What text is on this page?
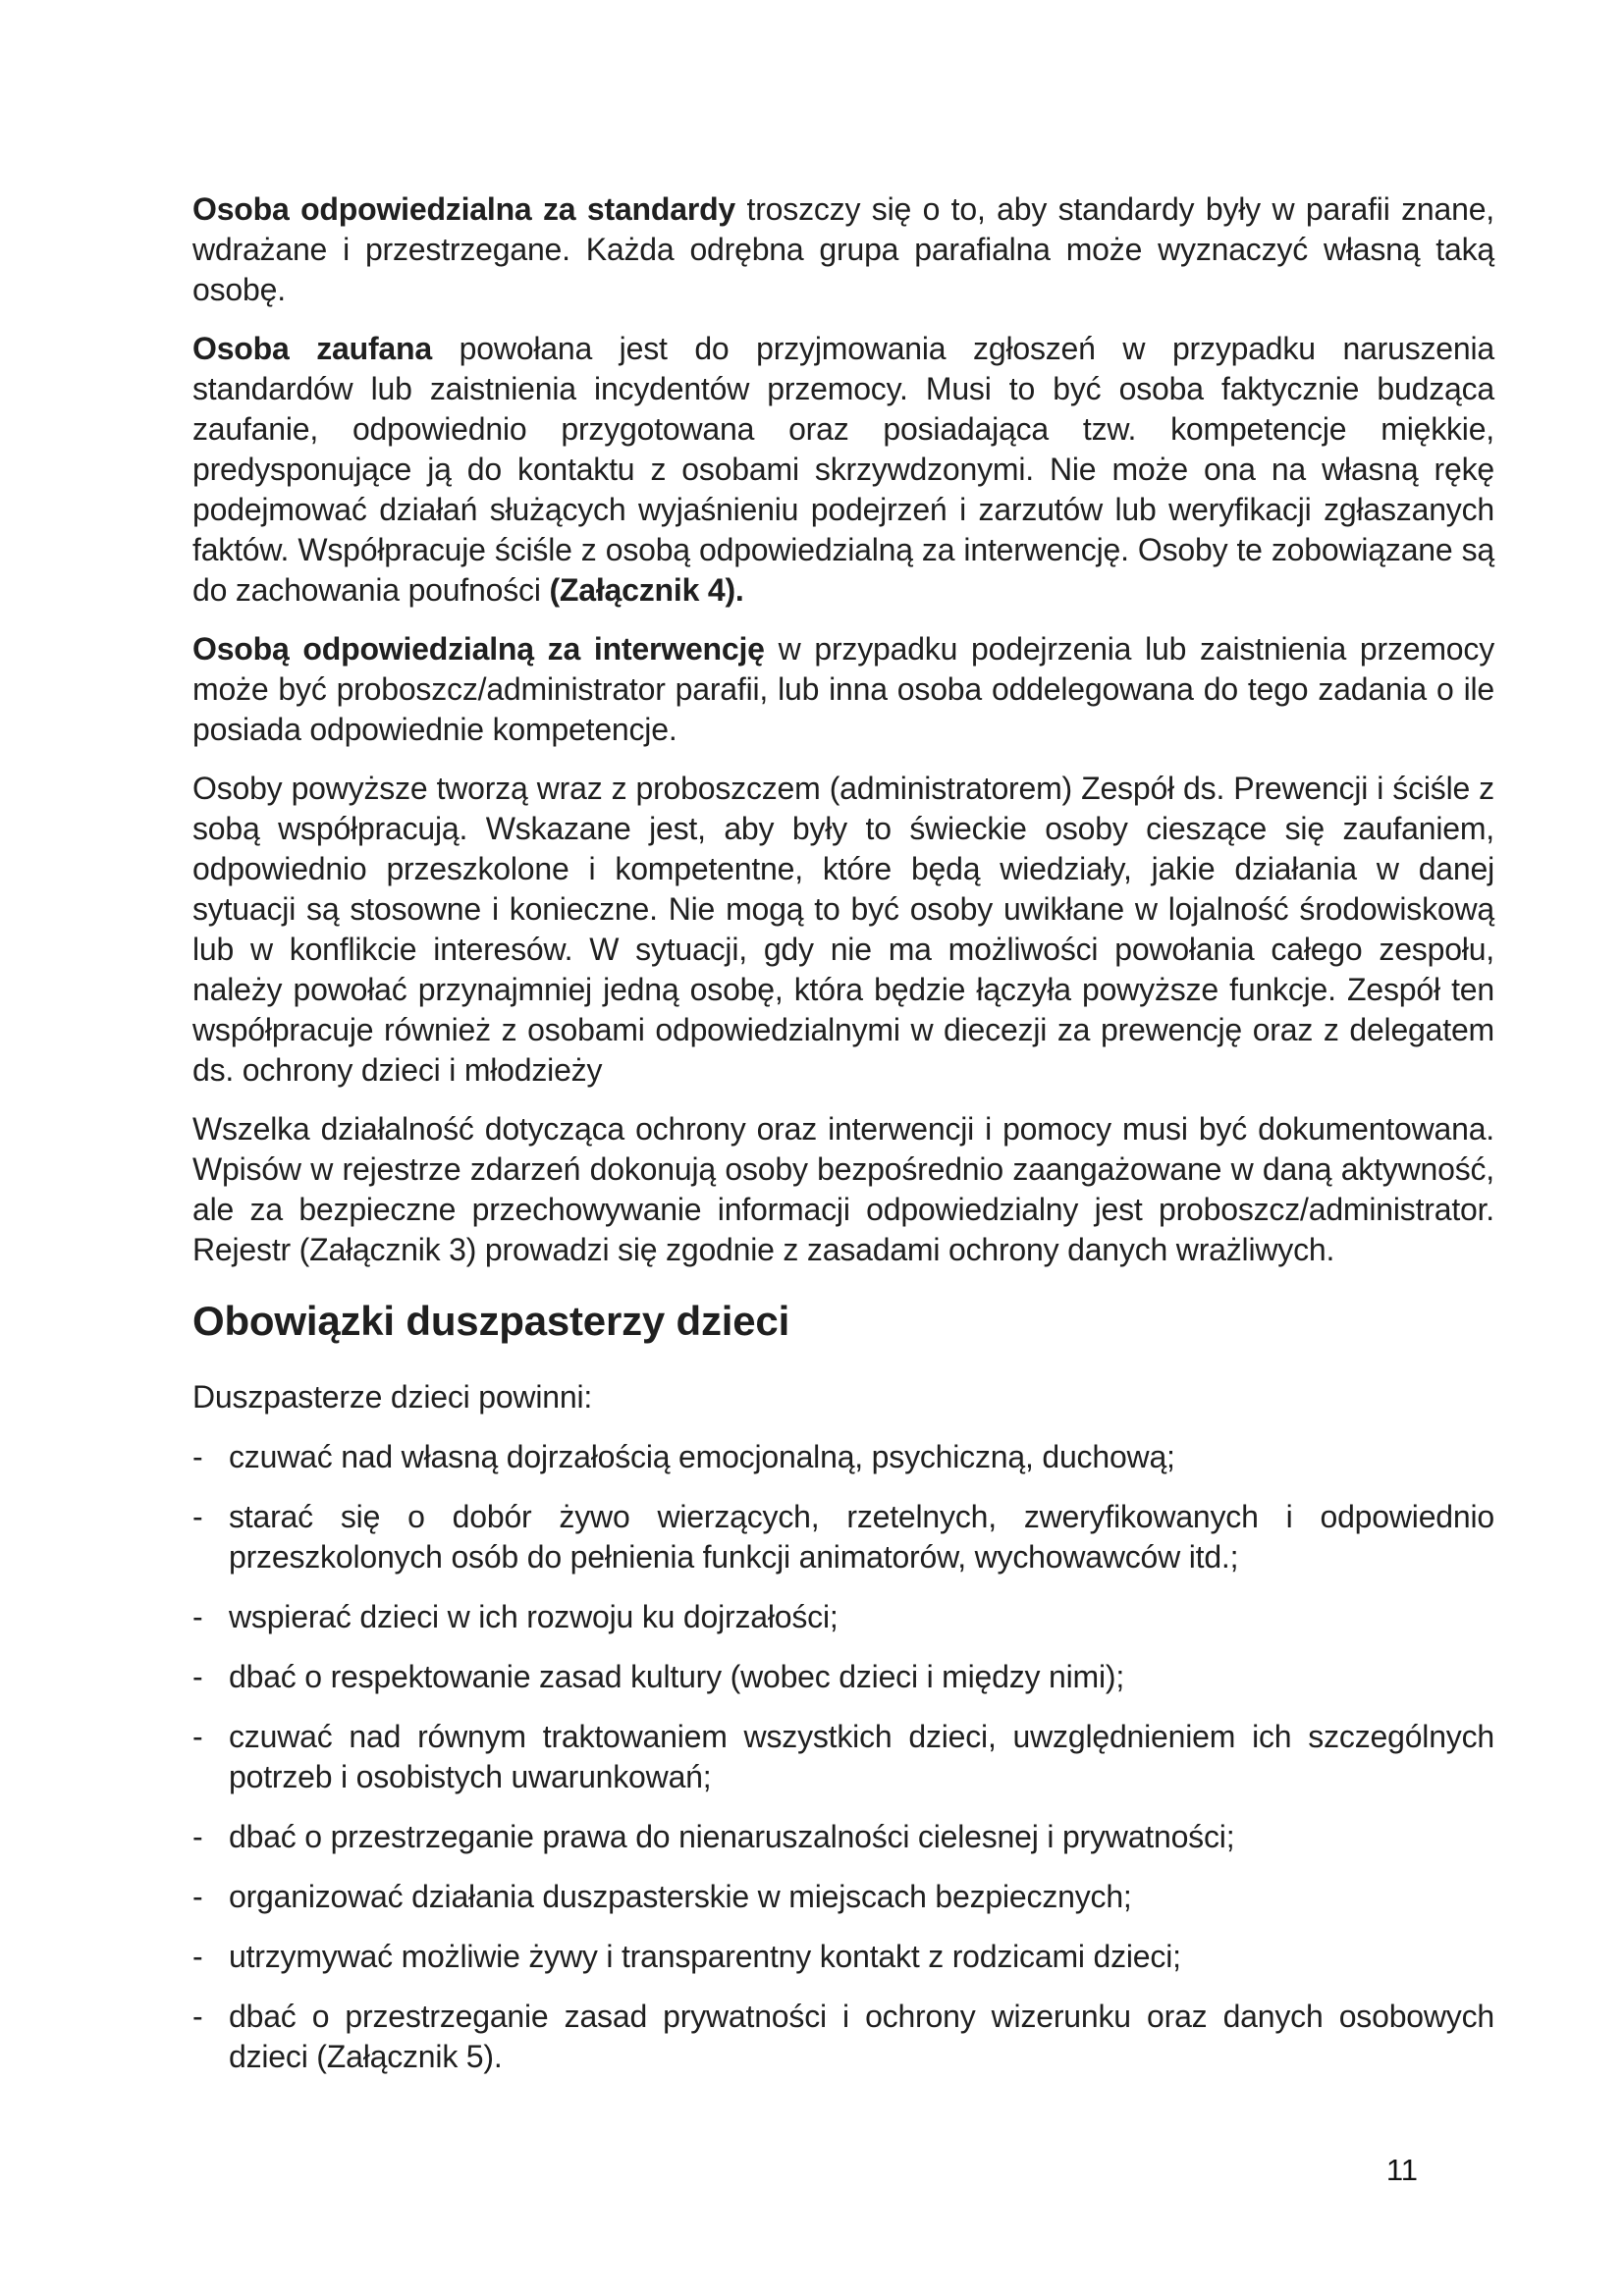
Osoba odpowiedzialna za standardy troszczy się o to, aby standardy były w parafii znane, wdrażane i przestrzegane. Każda odrębna grupa parafialna może wyznaczyć własną taką osobę.

Osoba zaufana powołana jest do przyjmowania zgłoszeń w przypadku naruszenia standardów lub zaistnienia incydentów przemocy. Musi to być osoba faktycznie budząca zaufanie, odpowiednio przygotowana oraz posiadająca tzw. kompetencje miękkie, predysponujące ją do kontaktu z osobami skrzywdzonymi. Nie może ona na własną rękę podejmować działań służących wyjaśnieniu podejrzeń i zarzutów lub weryfikacji zgłaszanych faktów. Współpracuje ściśle z osobą odpowiedzialną za interwencję. Osoby te zobowiązane są do zachowania poufności (Załącznik 4).

Osobą odpowiedzialną za interwencję w przypadku podejrzenia lub zaistnienia przemocy może być proboszcz/administrator parafii, lub inna osoba oddelegowana do tego zadania o ile posiada odpowiednie kompetencje.

Osoby powyższe tworzą wraz z proboszczem (administratorem) Zespół ds. Prewencji i ściśle z sobą współpracują. Wskazane jest, aby były to świeckie osoby cieszące się zaufaniem, odpowiednio przeszkolone i kompetentne, które będą wiedziały, jakie działania w danej sytuacji są stosowne i konieczne. Nie mogą to być osoby uwikłane w lojalność środowiskową lub w konflikcie interesów. W sytuacji, gdy nie ma możliwości powołania całego zespołu, należy powołać przynajmniej jedną osobę, która będzie łączyła powyższe funkcje. Zespół ten współpracuje również z osobami odpowiedzialnymi w diecezji za prewencję oraz z delegatem ds. ochrony dzieci i młodzieży

Wszelka działalność dotycząca ochrony oraz interwencji i pomocy musi być dokumentowana. Wpisów w rejestrze zdarzeń dokonują osoby bezpośrednio zaangażowane w daną aktywność, ale za bezpieczne przechowywanie informacji odpowiedzialny jest proboszcz/administrator. Rejestr (Załącznik 3) prowadzi się zgodnie z zasadami ochrony danych wrażliwych.

Obowiązki duszpasterzy dzieci

Duszpasterze dzieci powinni:

- czuwać nad własną dojrzałością emocjonalną, psychiczną, duchową;
- starać się o dobór żywo wierzących, rzetelnych, zweryfikowanych i odpowiednio przeszkolonych osób do pełnienia funkcji animatorów, wychowawców itd.;
- wspierać dzieci w ich rozwoju ku dojrzałości;
- dbać o respektowanie zasad kultury (wobec dzieci i między nimi);
- czuwać nad równym traktowaniem wszystkich dzieci, uwzględnieniem ich szczególnych potrzeb i osobistych uwarunkowań;
- dbać o przestrzeganie prawa do nienaruszalności cielesnej i prywatności;
- organizować działania duszpasterskie w miejscach bezpiecznych;
- utrzymywać możliwie żywy i transparentny kontakt z rodzicami dzieci;
- dbać o przestrzeganie zasad prywatności i ochrony wizerunku oraz danych osobowych dzieci (Załącznik 5).
11
